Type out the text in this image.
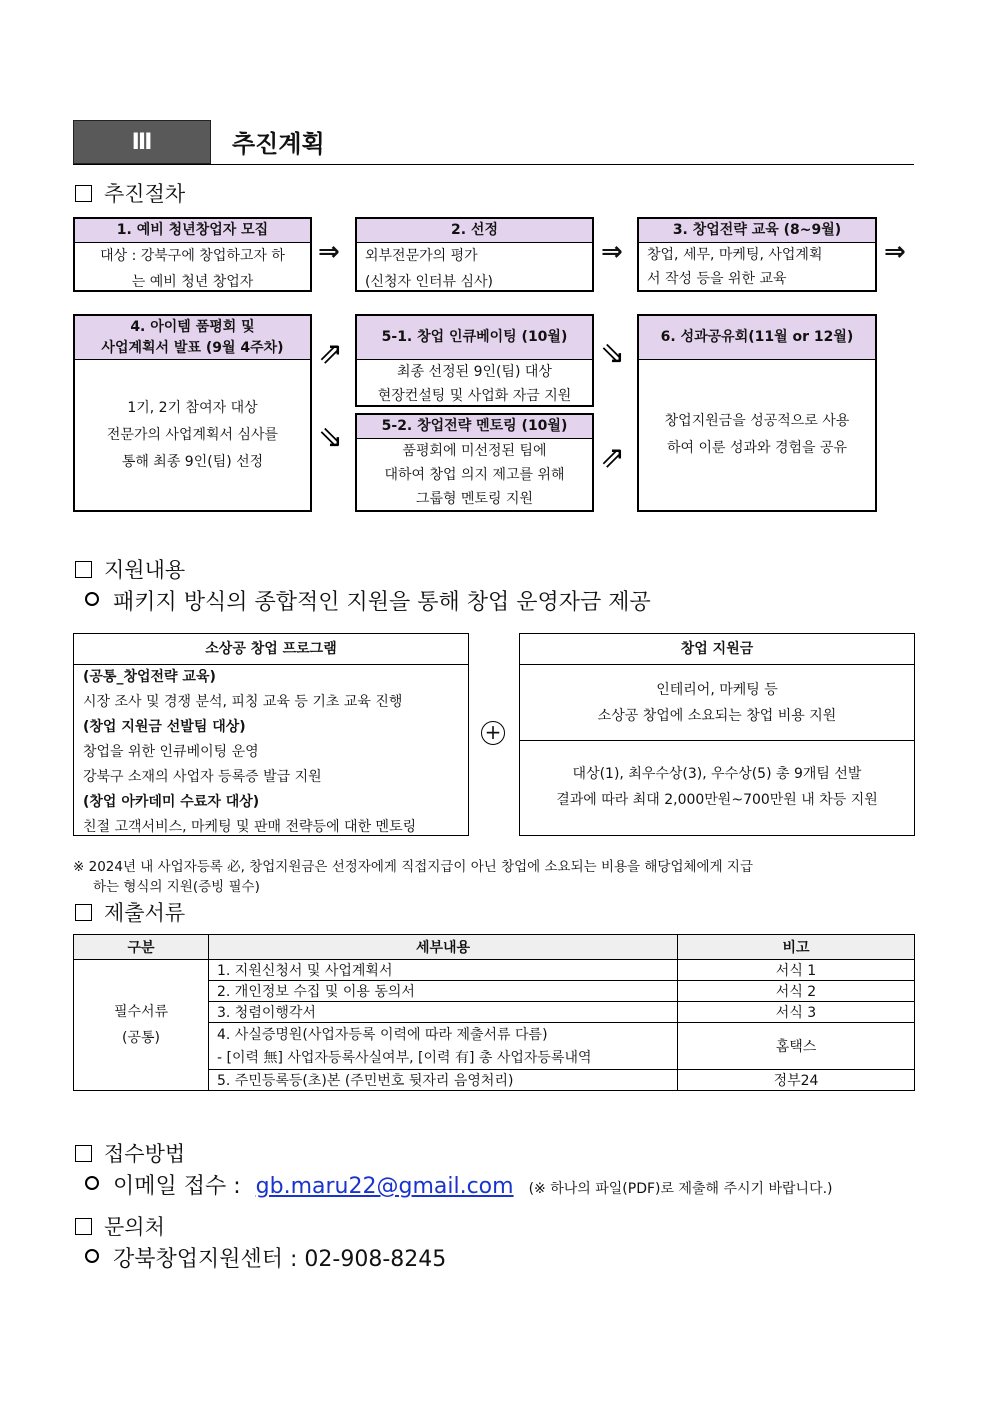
Ⅲ	추진계획
추진절차
1. 예비 청년창업자 모집
대상 : 강북구에 창업하고자 하
는 예비 청년 창업자
⇒
2. 선정
외부전문가의 평가
(신청자 인터뷰 심사)
⇒
3. 창업전략 교육 (8~9월)
창업, 세무, 마케팅, 사업계획
서 작성 등을 위한 교육
⇒
4. 아이템 품평회 및
사업계획서 발표 (9월 4주차)
1기, 2기 참여자 대상
전문가의 사업계획서 심사를
통해 최종 9인(팀) 선정
⇗
⇘
5-1. 창업 인큐베이팅 (10월)
최종 선정된 9인(팀) 대상
현장컨설팅 및 사업화 자금 지원
5-2. 창업전략 멘토링 (10월)
품평회에 미선정된 팀에
대하여 창업 의지 제고를 위해
그룹형 멘토링 지원
⇘
⇗
6. 성과공유회(11월 or 12월)
창업지원금을 성공적으로 사용
하여 이룬 성과와 경험을 공유
지원내용
패키지 방식의 종합적인 지원을 통해 창업 운영자금 제공
소상공 창업 프로그램
(공통_창업전략 교육)
시장 조사 및 경쟁 분석, 피칭 교육 등 기초 교육 진행
(창업 지원금 선발팀 대상)
창업을 위한 인큐베이팅 운영
강북구 소재의 사업자 등록증 발급 지원
(창업 아카데미 수료자 대상)
친절 고객서비스, 마케팅 및 판매 전략등에 대한 멘토링
+
창업 지원금
인테리어, 마케팅 등
소상공 창업에 소요되는 창업 비용 지원
대상(1), 최우수상(3), 우수상(5) 총 9개팀 선발
결과에 따라 최대 2,000만원~700만원 내 차등 지원
※ 2024년 내 사업자등록 必, 창업지원금은 선정자에게 직접지급이 아닌 창업에 소요되는 비용을 해당업체에게 지급
하는 형식의 지원(증빙 필수)
제출서류
구분	세부내용	비고

필수서류
(공통)	1. 지원신청서 및 사업계획서	서식 1
	2. 개인정보 수집 및 이용 동의서	서식 2
	3. 청렴이행각서	서식 3
	4. 사실증명원(사업자등록 이력에 따라 제출서류 다름)	홈택스
	- [이력 無] 사업자등록사실여부, [이력 有] 총 사업자등록내역	
	5. 주민등록등(초)본 (주민번호 뒷자리 음영처리)	정부24
접수방법
이메일 접수 : gb.maru22@gmail.com (※ 하나의 파일(PDF)로 제출해 주시기 바랍니다.)
문의처
강북창업지원센터 : 02-908-8245
